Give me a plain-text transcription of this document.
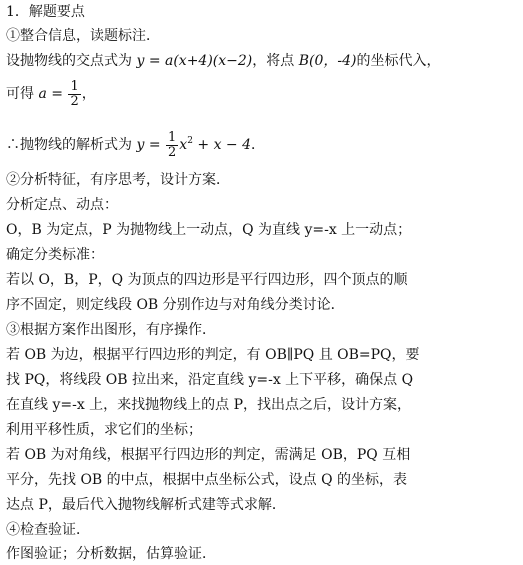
1．解题要点
①整合信息，读题标注．
设抛物线的交点式为 y = a(x+4)(x−2)，将点 B(0，-4)的坐标代入，
可得 $a = \frac{1}{2}$ ，
∴抛物线的解析式为 $y = \frac{1}{2} x^2 + x - 4$．
②分析特征，有序思考，设计方案．
分析定点、动点：
O，B 为定点，P 为抛物线上一动点，Q 为直线 y=-x 上一动点；
确定分类标准：
若以 O，B，P，Q 为顶点的四边形是平行四边形，四个顶点的顺
序不固定，则定线段 OB 分别作边与对角线分类讨论．
③根据方案作出图形，有序操作．
若 OB 为边，根据平行四边形的判定，有 OB∥PQ 且 OB=PQ，要
找 PQ，将线段 OB 拉出来，沿定直线 y=-x 上下平移，确保点 Q
在直线 y=-x 上，来找抛物线上的点 P，找出点之后，设计方案，
利用平移性质，求它们的坐标；
若 OB 为对角线，根据平行四边形的判定，需满足 OB，PQ 互相
平分，先找 OB 的中点，根据中点坐标公式，设点 Q 的坐标，表
达点 P，最后代入抛物线解析式建等式求解．
④检查验证．
作图验证；分析数据，估算验证．
